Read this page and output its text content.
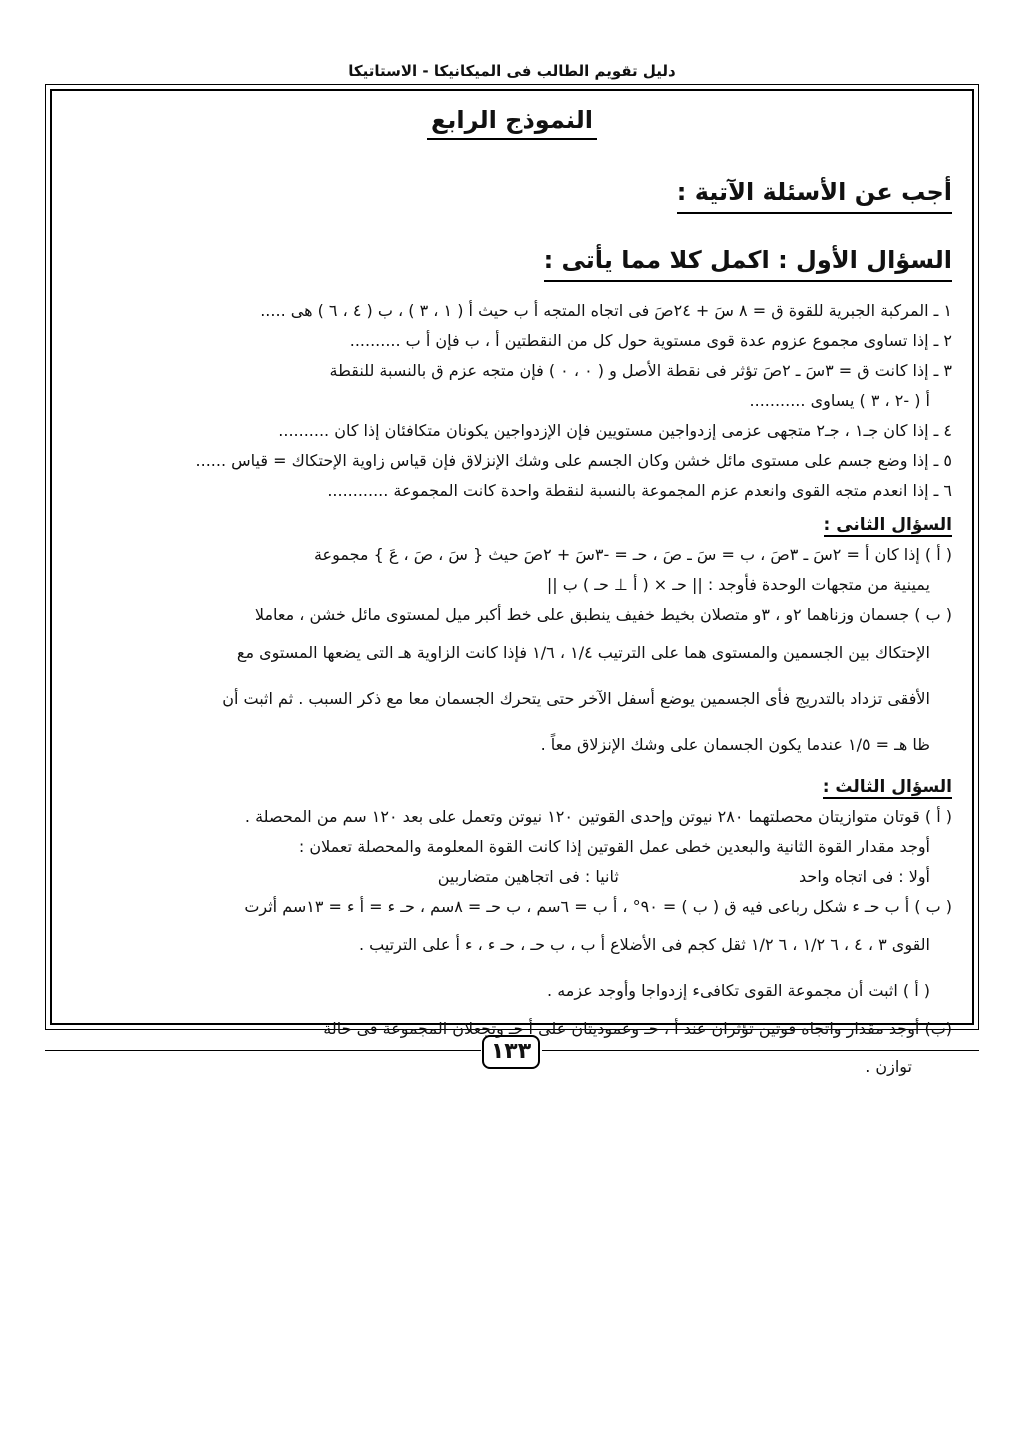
دليل تقويم الطالب فى الميكانيكا - الاستاتيكا
النموذج الرابع
أجب عن الأسئلة الآتية :
السؤال الأول : اكمل كلا مما يأتى :

١ ـ المركبة الجبرية للقوة ق = ٨ سَ + ٢٤صَ فى اتجاه المتجه أ ب حيث أ ( ١ ، ٣ ) ، ب ( ٤ ، ٦ ) هى .....

٢ ـ إذا تساوى مجموع عزوم عدة قوى مستوية حول كل من النقطتين أ ، ب فإن أ ب ..........

٣ ـ إذا كانت ق = ٣سَ ـ ٢صَ تؤثر فى نقطة الأصل و ( ٠ ، ٠ ) فإن متجه عزم ق بالنسبة للنقطة

أ ( -٢ ، ٣ ) يساوى ...........

٤ ـ إذا كان جـ١ ، جـ٢ متجهى عزمى إزدواجين مستويين فإن الإزدواجين يكونان متكافئان إذا كان ..........

٥ ـ إذا وضع جسم على مستوى مائل خشن وكان الجسم على وشك الإنزلاق فإن قياس زاوية الإحتكاك = قياس ......

٦ ـ إذا انعدم متجه القوى وانعدم عزم المجموعة بالنسبة لنقطة واحدة كانت المجموعة ............

السؤال الثانى :

( أ ) إذا كان أ = ٢سَ ـ ٣صَ ، ب = سَ ـ صَ ، حـ = -٣سَ + ٢صَ حيث { سَ ، صَ ، عَ } مجموعة

يمينية من متجهات الوحدة فأوجد : || حـ × ( أ ⊥ حـ ) ب ||

( ب ) جسمان وزناهما ٢و ، ٣و متصلان بخيط خفيف ينطبق على خط أكبر ميل لمستوى مائل خشن ، معاملا

الإحتكاك بين الجسمين والمستوى هما على الترتيب ١/٤ ، ١/٦ فإذا كانت الزاوية هـ التى يضعها المستوى مع

الأفقى تزداد بالتدريج فأى الجسمين يوضع أسفل الآخر حتى يتحرك الجسمان معا مع ذكر السبب . ثم اثبت أن

ظا هـ = ١/٥ عندما يكون الجسمان على وشك الإنزلاق معاً .

السؤال الثالث :

( أ ) قوتان متوازيتان محصلتهما ٢٨٠ نيوتن وإحدى القوتين ١٢٠ نيوتن وتعمل على بعد ١٢٠ سم من المحصلة .

أوجد مقدار القوة الثانية والبعدين خطى عمل القوتين إذا كانت القوة المعلومة والمحصلة تعملان :

أولا : فى اتجاه واحد  ثانيا : فى اتجاهين متضاربين

( ب ) أ ب حـ ء شكل رباعى فيه ق ( ب ) = ٩٠° ، أ ب = ٦سم ، ب حـ = ٨سم ، حـ ء = أ ء = ١٣سم أثرت

القوى ٣ ، ٤ ، ٦ ١/٢ ، ٦ ١/٢ ثقل كجم فى الأضلاع أ ب ، ب حـ ، حـ ء ، ء أ على الترتيب .

( أ ) اثبت أن مجموعة القوى تكافىء إزدواجا وأوجد عزمه .

(ب) أوجد مقدار واتجاه قوتين تؤثران عند أ ، حـ وعموديتان على أ حـ وتجعلان المجموعة فى حالة

توازن .

١٣٣
